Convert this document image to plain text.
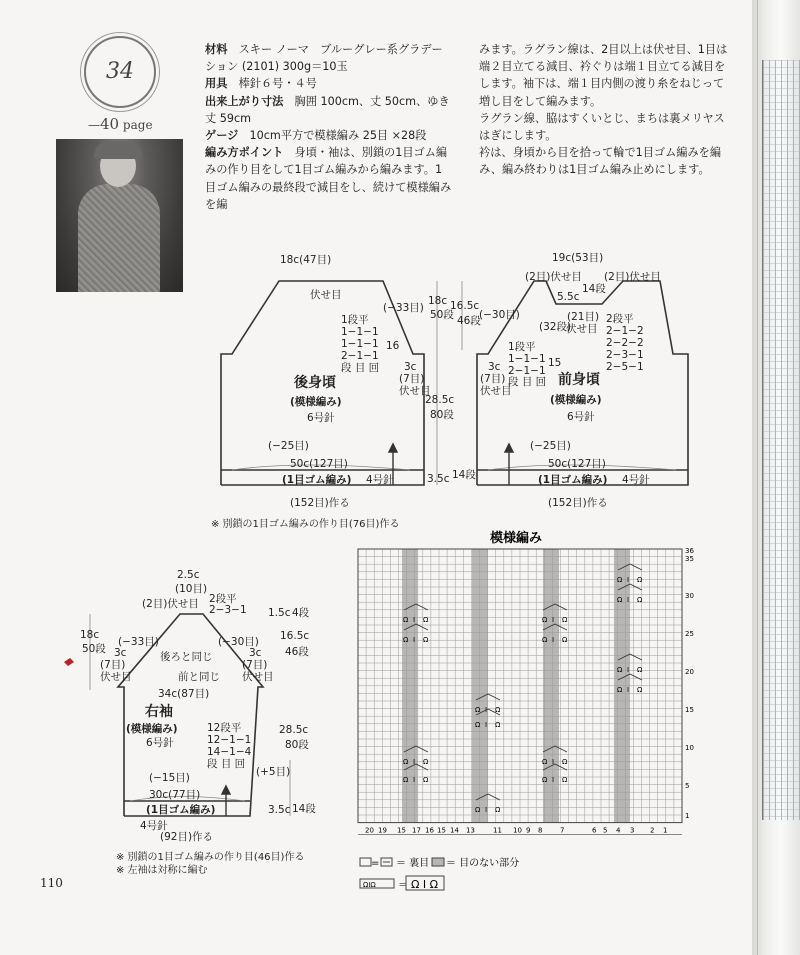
34
—40 page

材料　 スキー ノーマ　ブルーグレー系グラデーション (2101) 300g＝10玉

用具　 棒針６号・４号

出来上がり寸法　 胸囲 100cm、丈 50cm、ゆき丈 59cm

ゲージ　 10cm平方で模様編み 25目 ×28段

編み方ポイント　 身頃・袖は、別鎖の1目ゴム編みの作り目をして1目ゴム編みから編みます。1目ゴム編みの最終段で減目をし、続けて模様編みを編

みます。ラグラン線は、2目以上は伏せ目、1目は端２目立てる減目、衿ぐりは端１目立てる減目をします。袖下は、端１目内側の渡り糸をねじって増し目をして編みます。

ラグラン線、脇はすくいとじ、まちは裏メリヤスはぎにします。

衿は、身頃から目を拾って輪で1目ゴム編みを編み、編み終わりは1目ゴム編み止めにします。

18c(47目)
伏せ目
(−33目)
1段平
1−1−1
1−1−1
2−1−1
16
段 目 回 3c
(7目)
伏せ目
後身頃
(模様編み)
6号針
(−25目)
50c(127目)
(1目ゴム編み) 4号針
(152目)作る
18c
50段
28.5c
80段
3.5c 14段
16.5c
46段
19c(53目)
(2目)伏せ目 (2目)伏せ目
5.5c
14段
(−30目)	(21目)
伏せ目
(32段)
1段平
1−1−1
2−1−1
15
段 目 回
2段平
2−1−2
2−2−2
2−3−1
2−5−1
3c
(7目)
伏せ目
前身頃
(模様編み)
6号針
(−25目)
50c(127目)
(1目ゴム編み) 4号針
(152目)作る
2.5c
(10目)
(2目)伏せ目 2段平
2−3−1
(−33目)	(−30目)
後ろと同じ
前と同じ
18c
50段 3c
(7目)
伏せ目
3c
(7目)
伏せ目
1.5c 4段
16.5c
46段
34c(87目)
右袖
(模様編み)
6号針
12段平
12−1−1
14−1−4
段 目 回
28.5c
80段
(+5目)
(−15目)
30c(77目)
(1目ゴム編み)
4号針
3.5c 14段
(92目)作る
模様編み
Ω I Ω
Ω I Ω
Ω I Ω
Ω I Ω
Ω I Ω
Ω I Ω
Ω I Ω
Ω I Ω
Ω I Ω
Ω I Ω
Ω I Ω
Ω I Ω
Ω I Ω
Ω I Ω
Ω I Ω
36
35
30
25
20
15
10
5
1
20 19 15 17 16 15 14 13	11 10 9 8	7	6 5 4 3 2 1
= ＝ 裏目 ＝ 目のない部分
ΩΙΩ ＝ Ω I Ω
※ 別鎖の1目ゴム編みの作り目(76目)作る
※ 別鎖の1目ゴム編みの作り目(46目)作る
※ 左袖は対称に編む
110
